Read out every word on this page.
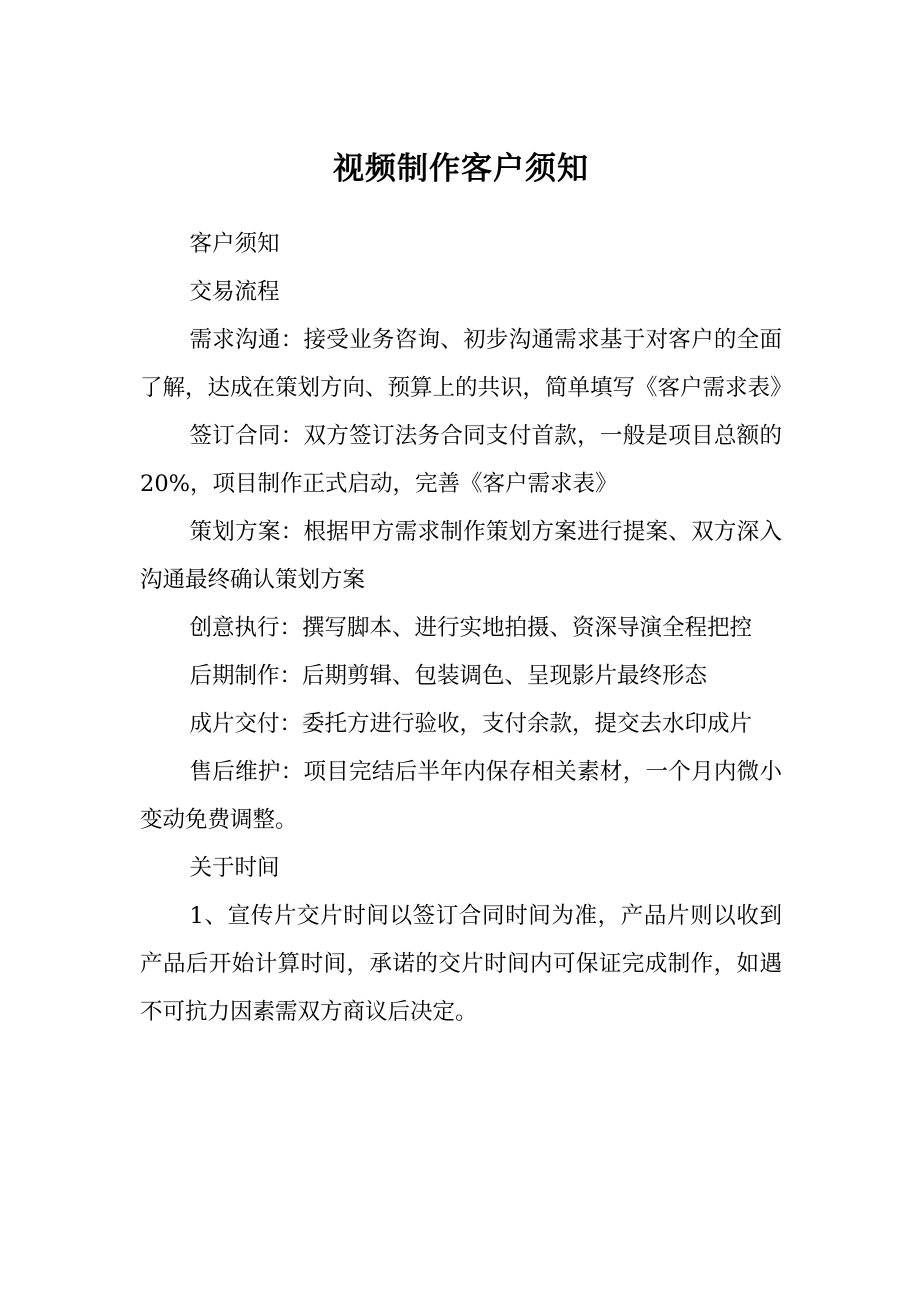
视频制作客户须知

客户须知

交易流程

需求沟通：接受业务咨询、初步沟通需求基于对客户的全面了解，达成在策划方向、预算上的共识，简单填写《客户需求表》

签订合同：双方签订法务合同支付首款，一般是项目总额的 20%，项目制作正式启动，完善《客户需求表》

策划方案：根据甲方需求制作策划方案进行提案、双方深入沟通最终确认策划方案

创意执行：撰写脚本、进行实地拍摄、资深导演全程把控

后期制作：后期剪辑、包装调色、呈现影片最终形态

成片交付：委托方进行验收，支付余款，提交去水印成片

售后维护：项目完结后半年内保存相关素材，一个月内微小变动免费调整。

关于时间

1、宣传片交片时间以签订合同时间为准，产品片则以收到产品后开始计算时间，承诺的交片时间内可保证完成制作，如遇不可抗力因素需双方商议后决定。
